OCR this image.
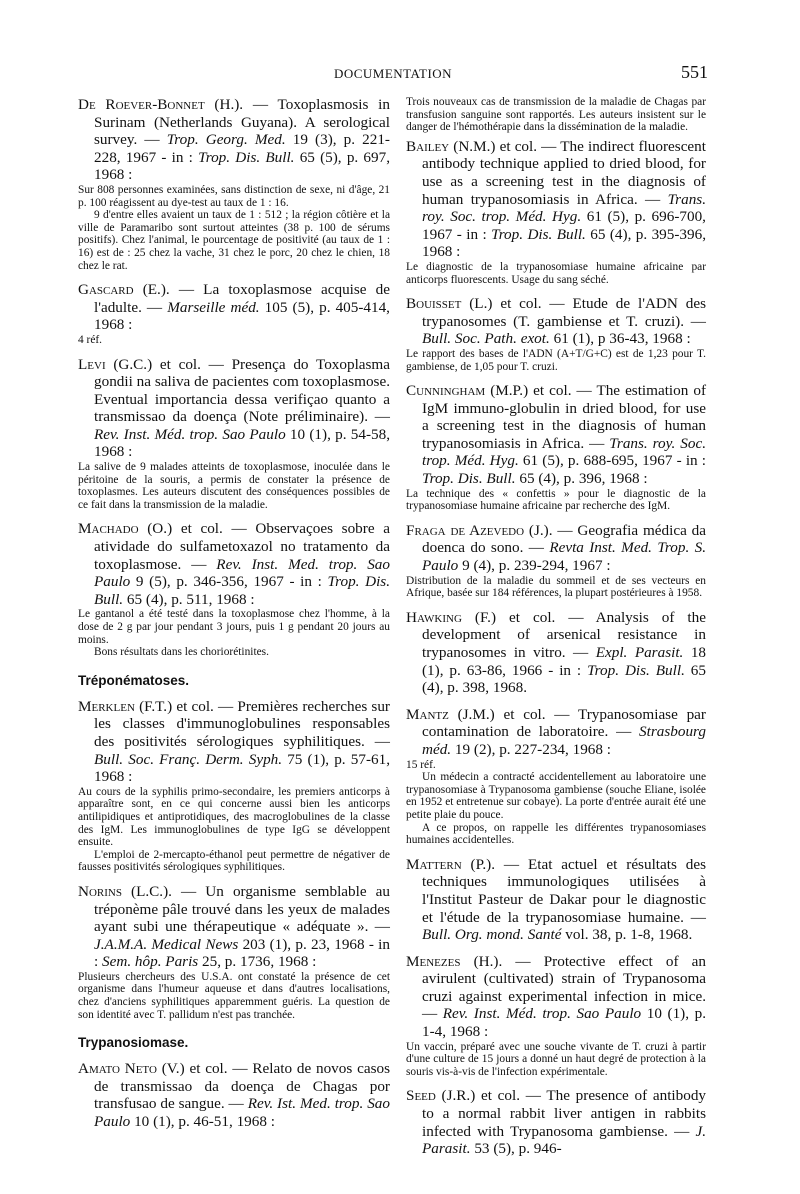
DOCUMENTATION	551

De Roever-Bonnet (H.). — Toxoplasmosis in Surinam (Netherlands Guyana). A serological survey. — Trop. Georg. Med. 19 (3), p. 221-228, 1967 - in : Trop. Dis. Bull. 65 (5), p. 697, 1968 :

Sur 808 personnes examinées, sans distinction de sexe, ni d'âge, 21 p. 100 réagissent au dye-test au taux de 1 : 16.

9 d'entre elles avaient un taux de 1 : 512 ; la région côtière et la ville de Paramaribo sont surtout atteintes (38 p. 100 de sérums positifs). Chez l'animal, le pourcentage de positivité (au taux de 1 : 16) est de : 25 chez la vache, 31 chez le porc, 20 chez le chien, 18 chez le rat.

Gascard (E.). — La toxoplasmose acquise de l'adulte. — Marseille méd. 105 (5), p. 405-414, 1968 :

4 réf.

Levi (G.C.) et col. — Presença do Toxoplasma gondii na saliva de pacientes com toxoplasmose. Eventual importancia dessa verifiçao quanto a transmissao da doença (Note préliminaire). — Rev. Inst. Méd. trop. Sao Paulo 10 (1), p. 54-58, 1968 :

La salive de 9 malades atteints de toxoplasmose, inoculée dans le péritoine de la souris, a permis de constater la présence de toxoplasmes. Les auteurs discutent des conséquences possibles de ce fait dans la transmission de la maladie.

Machado (O.) et col. — Observaçoes sobre a atividade do sulfametoxazol no tratamento da toxoplasmose. — Rev. Inst. Med. trop. Sao Paulo 9 (5), p. 346-356, 1967 - in : Trop. Dis. Bull. 65 (4), p. 511, 1968 :

Le gantanol a été testé dans la toxoplasmose chez l'homme, à la dose de 2 g par jour pendant 3 jours, puis 1 g pendant 20 jours au moins.

Bons résultats dans les choriorétinites.

Tréponématoses.

Merklen (F.T.) et col. — Premières recherches sur les classes d'immunoglobulines responsables des positivités sérologiques syphilitiques. — Bull. Soc. Franç. Derm. Syph. 75 (1), p. 57-61, 1968 :

Au cours de la syphilis primo-secondaire, les premiers anticorps à apparaître sont, en ce qui concerne aussi bien les anticorps antilipidiques et antiprotidiques, des macroglobulines de la classe des IgM. Les immunoglobulines de type IgG se développent ensuite.

L'emploi de 2-mercapto-éthanol peut permettre de négativer de fausses positivités sérologiques syphilitiques.

Norins (L.C.). — Un organisme semblable au tréponème pâle trouvé dans les yeux de malades ayant subi une thérapeutique « adéquate ». — J.A.M.A. Medical News 203 (1), p. 23, 1968 - in : Sem. hôp. Paris 25, p. 1736, 1968 :

Plusieurs chercheurs des U.S.A. ont constaté la présence de cet organisme dans l'humeur aqueuse et dans d'autres localisations, chez d'anciens syphilitiques apparemment guéris. La question de son identité avec T. pallidum n'est pas tranchée.

Trypanosiomase.

Amato Neto (V.) et col. — Relato de novos casos de transmissao da doença de Chagas por transfusao de sangue. — Rev. Ist. Med. trop. Sao Paulo 10 (1), p. 46-51, 1968 :

Trois nouveaux cas de transmission de la maladie de Chagas par transfusion sanguine sont rapportés. Les auteurs insistent sur le danger de l'hémothérapie dans la dissémination de la maladie.

Bailey (N.M.) et col. — The indirect fluorescent antibody technique applied to dried blood, for use as a screening test in the diagnosis of human trypanosomiasis in Africa. — Trans. roy. Soc. trop. Méd. Hyg. 61 (5), p. 696-700, 1967 - in : Trop. Dis. Bull. 65 (4), p. 395-396, 1968 :

Le diagnostic de la trypanosomiase humaine africaine par anticorps fluorescents. Usage du sang séché.

Bouisset (L.) et col. — Etude de l'ADN des trypanosomes (T. gambiense et T. cruzi). — Bull. Soc. Path. exot. 61 (1), p 36-43, 1968 :

Le rapport des bases de l'ADN (A+T/G+C) est de 1,23 pour T. gambiense, de 1,05 pour T. cruzi.

Cunningham (M.P.) et col. — The estimation of IgM immuno-globulin in dried blood, for use a screening test in the diagnosis of human trypanosomiasis in Africa. — Trans. roy. Soc. trop. Méd. Hyg. 61 (5), p. 688-695, 1967 - in : Trop. Dis. Bull. 65 (4), p. 396, 1968 :

La technique des « confettis » pour le diagnostic de la trypanosomiase humaine africaine par recherche des IgM.

Fraga de Azevedo (J.). — Geografia médica da doenca do sono. — Revta Inst. Med. Trop. S. Paulo 9 (4), p. 239-294, 1967 :

Distribution de la maladie du sommeil et de ses vecteurs en Afrique, basée sur 184 références, la plupart postérieures à 1958.

Hawking (F.) et col. — Analysis of the development of arsenical resistance in trypanosomes in vitro. — Expl. Parasit. 18 (1), p. 63-86, 1966 - in : Trop. Dis. Bull. 65 (4), p. 398, 1968.

Mantz (J.M.) et col. — Trypanosomiase par contamination de laboratoire. — Strasbourg méd. 19 (2), p. 227-234, 1968 :

15 réf.

Un médecin a contracté accidentellement au laboratoire une trypanosomiase à Trypanosoma gambiense (souche Eliane, isolée en 1952 et entretenue sur cobaye). La porte d'entrée aurait été une petite plaie du pouce.

A ce propos, on rappelle les différentes trypanosomiases humaines accidentelles.

Mattern (P.). — Etat actuel et résultats des techniques immunologiques utilisées à l'Institut Pasteur de Dakar pour le diagnostic et l'étude de la trypanosomiase humaine. — Bull. Org. mond. Santé vol. 38, p. 1-8, 1968.

Menezes (H.). — Protective effect of an avirulent (cultivated) strain of Trypanosoma cruzi against experimental infection in mice. — Rev. Inst. Méd. trop. Sao Paulo 10 (1), p. 1-4, 1968 :

Un vaccin, préparé avec une souche vivante de T. cruzi à partir d'une culture de 15 jours a donné un haut degré de protection à la souris vis-à-vis de l'infection expérimentale.

Seed (J.R.) et col. — The presence of antibody to a normal rabbit liver antigen in rabbits infected with Trypanosoma gambiense. — J. Parasit. 53 (5), p. 946-
